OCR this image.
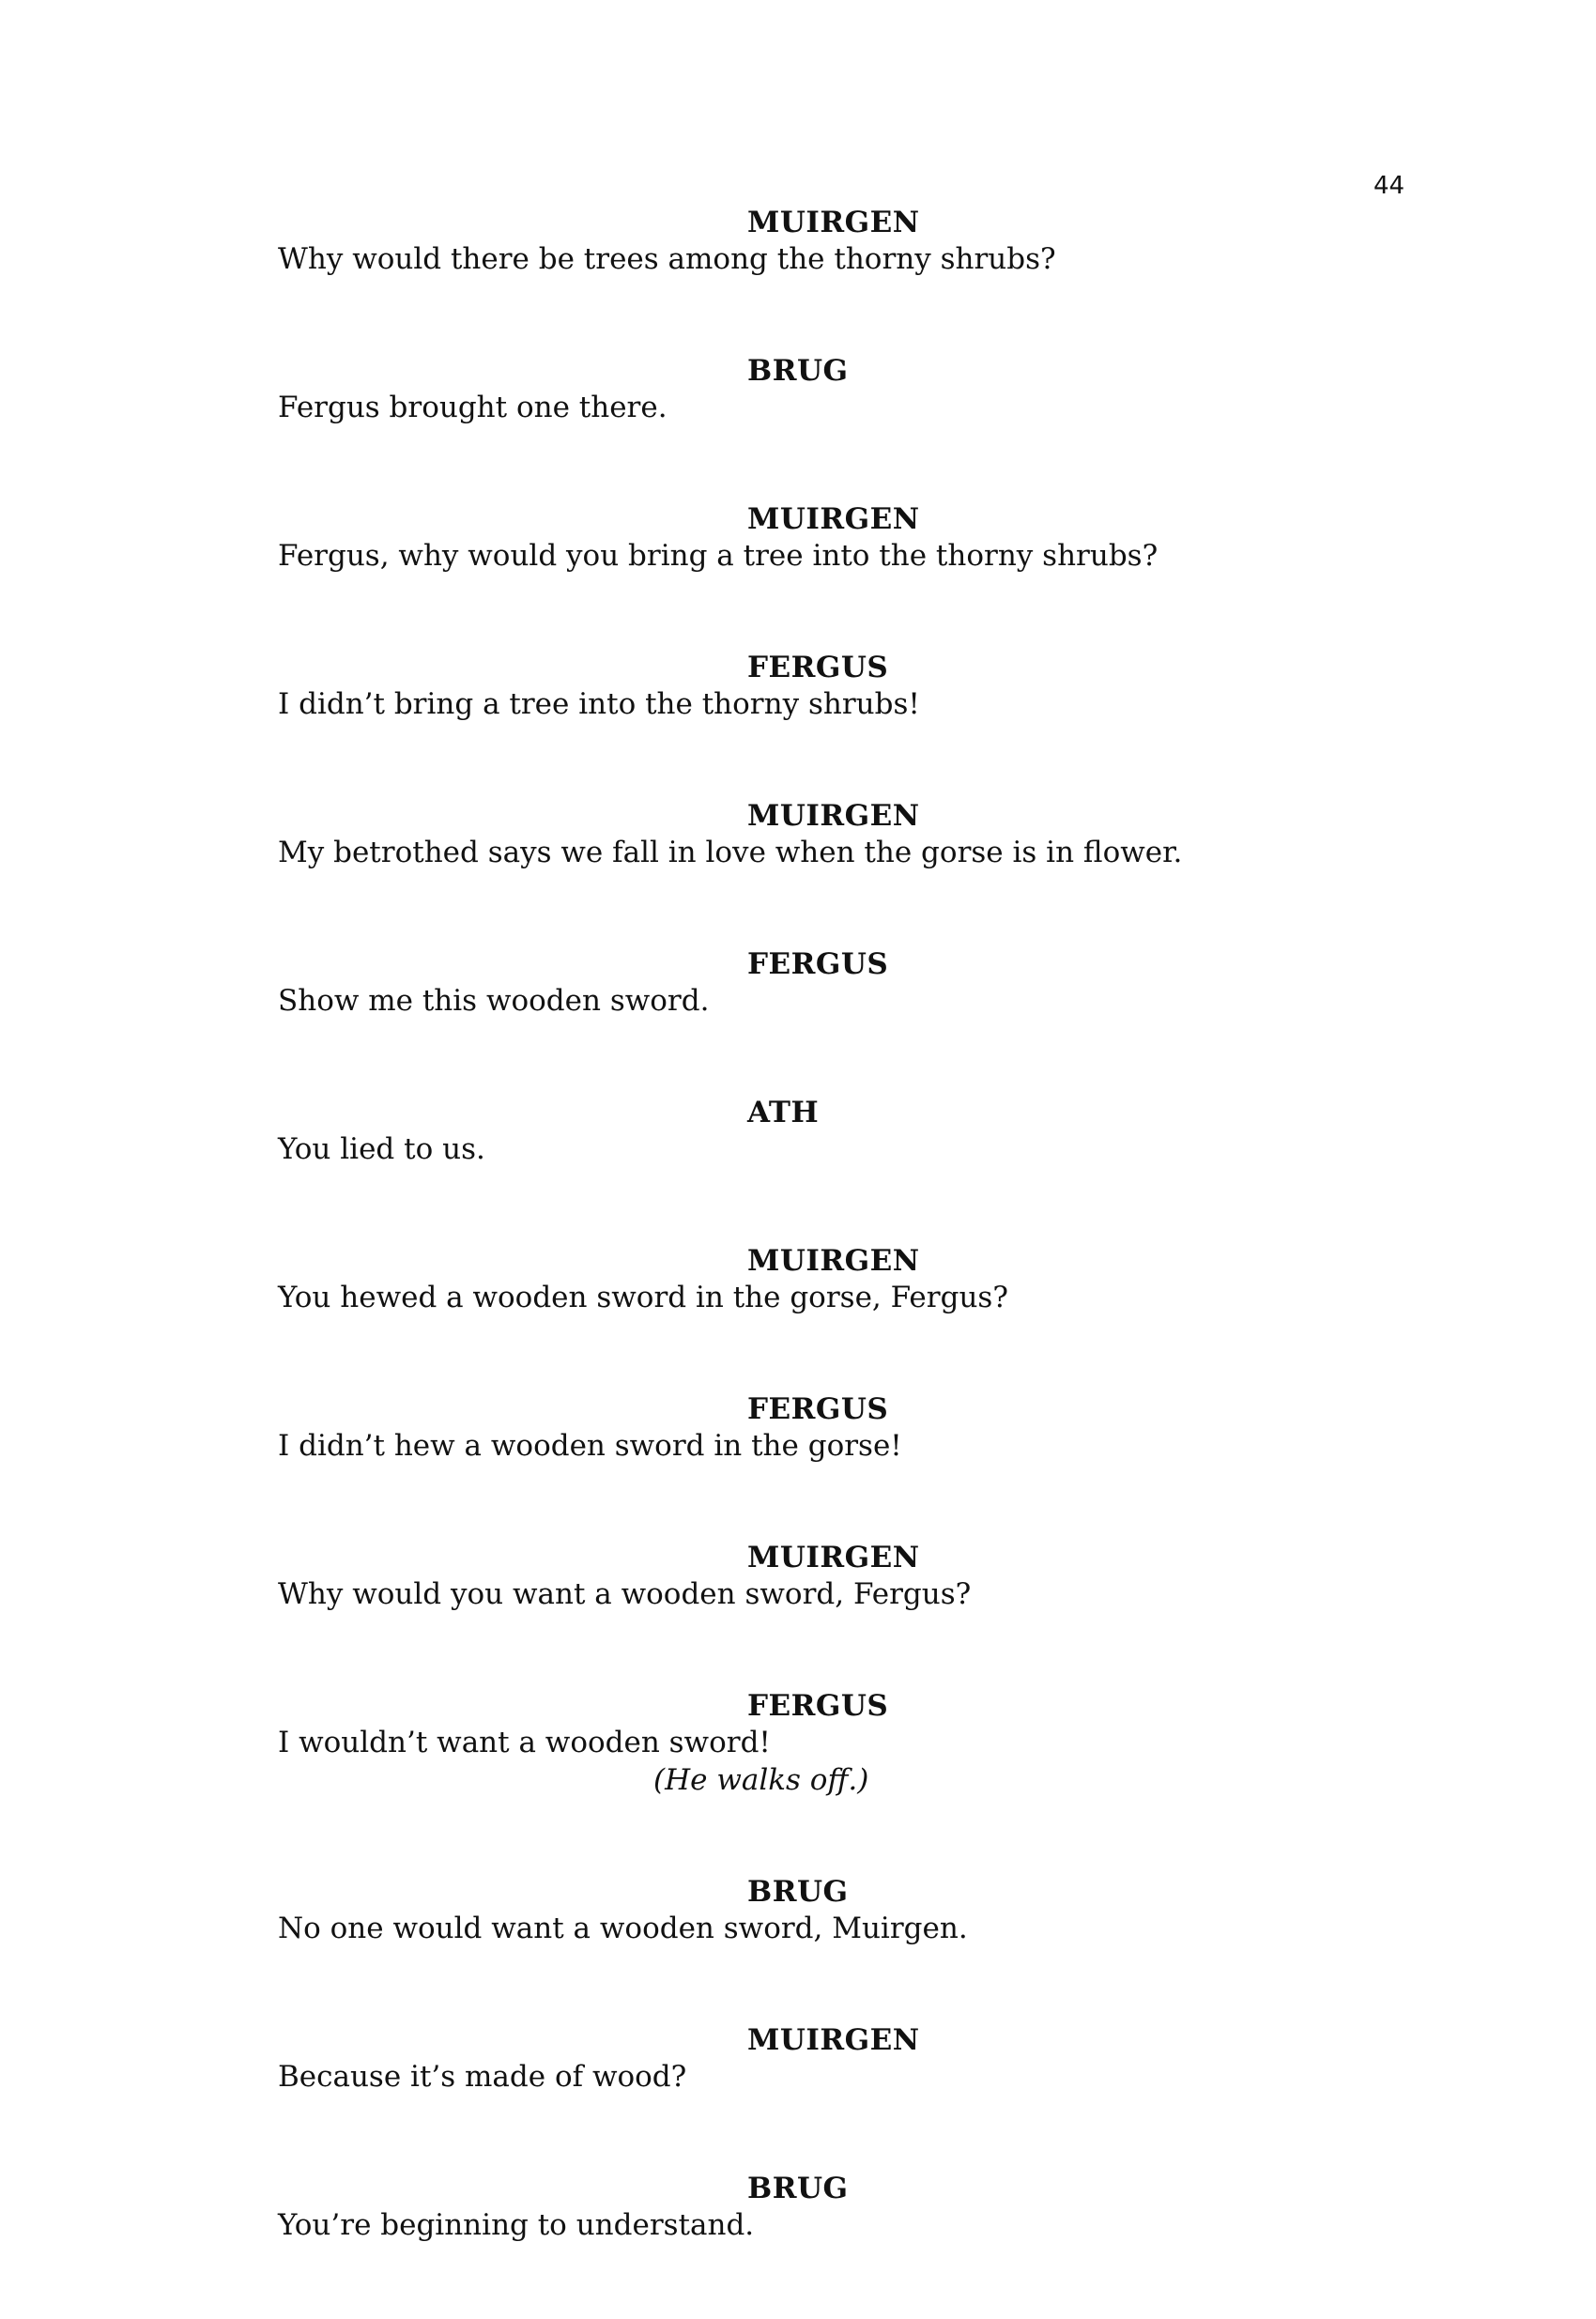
44
MUIRGEN
Why would there be trees among the thorny shrubs?
BRUG
Fergus brought one there.
MUIRGEN
Fergus, why would you bring a tree into the thorny shrubs?
FERGUS
I didn’t bring a tree into the thorny shrubs!
MUIRGEN
My betrothed says we fall in love when the gorse is in flower.
FERGUS
Show me this wooden sword.
ATH
You lied to us.
MUIRGEN
You hewed a wooden sword in the gorse, Fergus?
FERGUS
I didn’t hew a wooden sword in the gorse!
MUIRGEN
Why would you want a wooden sword, Fergus?
FERGUS
I wouldn’t want a wooden sword!
(He walks off.)
BRUG
No one would want a wooden sword, Muirgen.
MUIRGEN
Because it’s made of wood?
BRUG
You’re beginning to understand.
